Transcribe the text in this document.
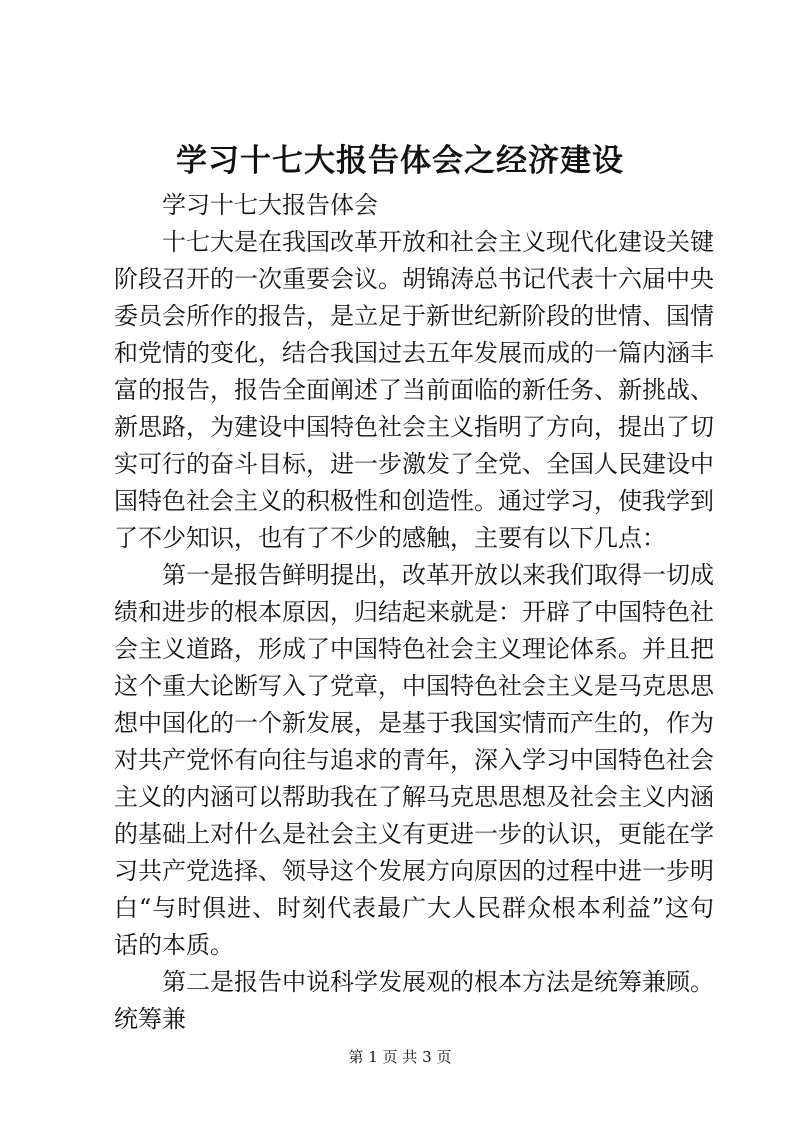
学习十七大报告体会之经济建设

学习十七大报告体会

十七大是在我国改革开放和社会主义现代化建设关键阶段召开的一次重要会议。胡锦涛总书记代表十六届中央委员会所作的报告，是立足于新世纪新阶段的世情、国情和党情的变化，结合我国过去五年发展而成的一篇内涵丰富的报告，报告全面阐述了当前面临的新任务、新挑战、新思路，为建设中国特色社会主义指明了方向，提出了切实可行的奋斗目标，进一步激发了全党、全国人民建设中国特色社会主义的积极性和创造性。通过学习，使我学到了不少知识，也有了不少的感触，主要有以下几点：

第一是报告鲜明提出，改革开放以来我们取得一切成绩和进步的根本原因，归结起来就是：开辟了中国特色社会主义道路，形成了中国特色社会主义理论体系。并且把这个重大论断写入了党章，中国特色社会主义是马克思思想中国化的一个新发展，是基于我国实情而产生的，作为对共产党怀有向往与追求的青年，深入学习中国特色社会主义的内涵可以帮助我在了解马克思思想及社会主义内涵的基础上对什么是社会主义有更进一步的认识，更能在学习共产党选择、领导这个发展方向原因的过程中进一步明白“与时俱进、时刻代表最广大人民群众根本利益”这句话的本质。

第二是报告中说科学发展观的根本方法是统筹兼顾。统筹兼

第 1 页 共 3 页
